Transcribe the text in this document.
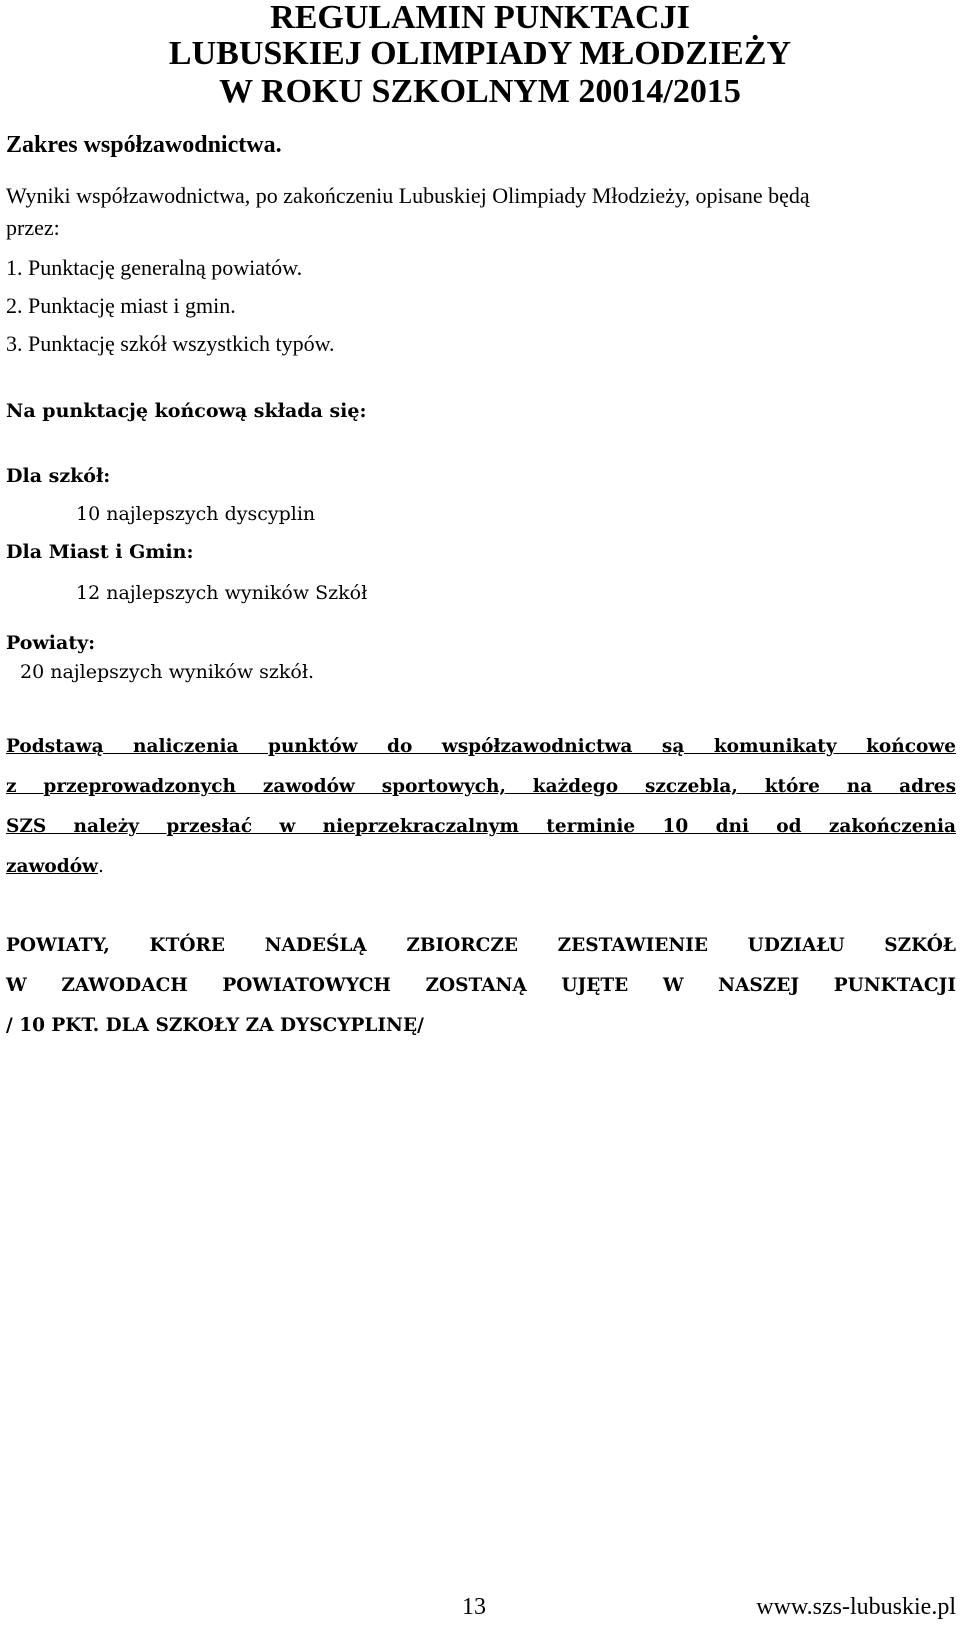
REGULAMIN PUNKTACJI
LUBUSKIEJ OLIMPIADY MŁODZIEŻY
W ROKU SZKOLNYM 20014/2015

Zakres współzawodnictwa.

Wyniki współzawodnictwa, po zakończeniu Lubuskiej Olimpiady Młodzieży, opisane będą

przez:

1. Punktację generalną powiatów.

2. Punktację miast i gmin.

3. Punktację szkół wszystkich typów.

Na punktację końcową składa się:

Dla szkół:

10 najlepszych dyscyplin

Dla Miast i Gmin:

12 najlepszych wyników Szkół

Powiaty:

20 najlepszych wyników szkół.

Podstawą naliczenia punktów do współzawodnictwa są komunikaty końcowe

z przeprowadzonych zawodów sportowych, każdego szczebla, które na adres

SZS należy przesłać w nieprzekraczalnym terminie 10 dni od zakończenia

zawodów.

POWIATY, KTÓRE NADEŚLĄ ZBIORCZE ZESTAWIENIE UDZIAŁU SZKÓŁ

W ZAWODACH POWIATOWYCH ZOSTANĄ UJĘTE W NASZEJ PUNKTACJI

/ 10 PKT. DLA SZKOŁY ZA DYSCYPLINĘ/

13	www.szs-lubuskie.pl
